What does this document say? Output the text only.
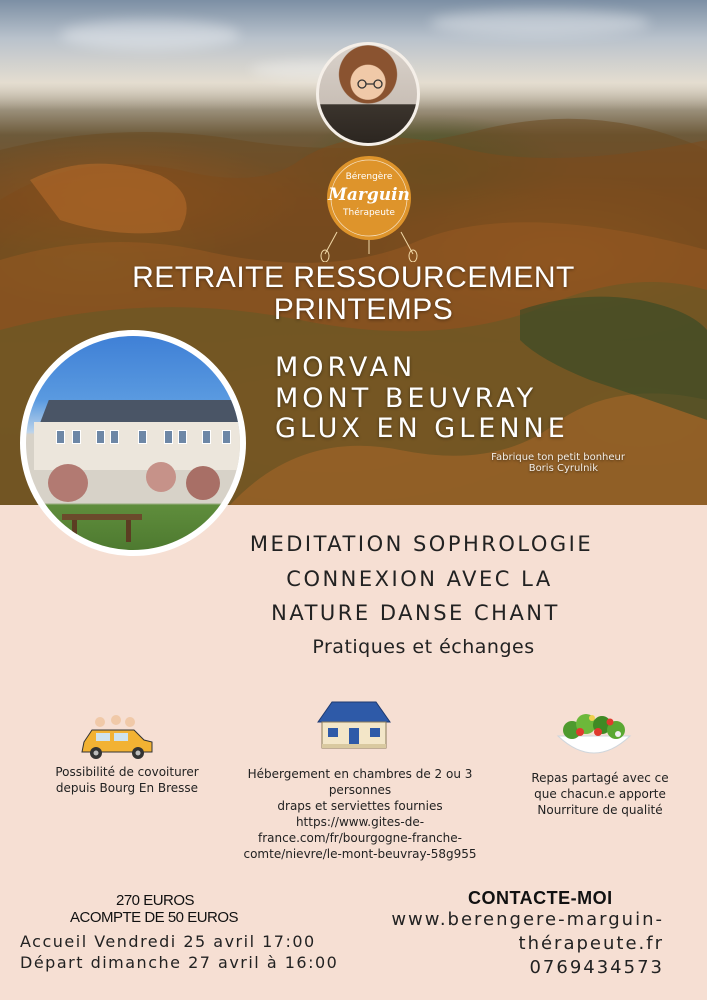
Bérengère
Marguin
Thérapeute
RETRAITE RESSOURCEMENT
PRINTEMPS
MORVAN
MONT BEUVRAY
GLUX EN GLENNE
Fabrique ton petit bonheur
Boris Cyrulnik
MEDITATION SOPHROLOGIE
CONNEXION AVEC LA
NATURE DANSE CHANT
Pratiques et échanges
Possibilité de covoiturer
depuis Bourg En Bresse
Hébergement en chambres de 2 ou 3 personnes
draps et serviettes fournies
https://www.gites-de-
france.com/fr/bourgogne-franche-
comte/nievre/le-mont-beuvray-58g955
Repas partagé avec ce
que chacun.e apporte
Nourriture de qualité
270 EUROS
ACOMPTE DE 50 EUROS
Accueil Vendredi 25 avril 17:00
Départ dimanche 27 avril à 16:00
CONTACTE-MOI
www.berengere-marguin-
thérapeute.fr
0769434573
